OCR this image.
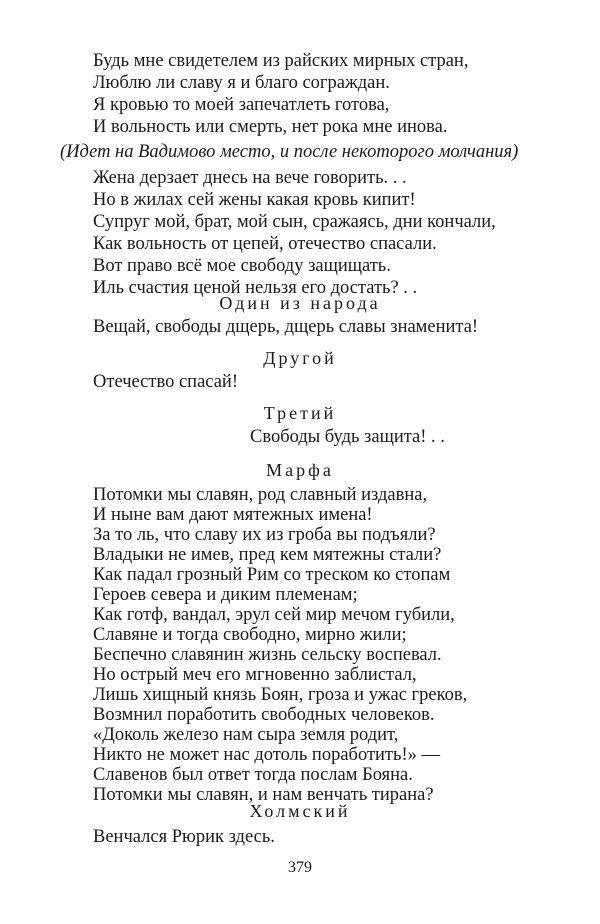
Будь мне свидетелем из райских мирных стран,
Люблю ли славу я и благо сограждан.
Я кровью то моей запечатлеть готова,
И вольность или смерть, нет рока мне инова.
(Идет на Вадимово место, и после некоторого молчания)
Жена дерзает днесь на вече говорить. . .
Но в жилах сей жены какая кровь кипит!
Супруг мой, брат, мой сын, сражаясь, дни кончали,
Как вольность от цепей, отечество спасали.
Вот право всё мое свободу защищать.
Иль счастия ценой нельзя его достать? . .
Один из народа
Вещай, свободы дщерь, дщерь славы знаменита!
Другой
Отечество спасай!
Третий
Свободы будь защита! . .
Марфа
Потомки мы славян, род славный издавна,
И ныне вам дают мятежных имена!
За то ль, что славу их из гроба вы подъяли?
Владыки не имев, пред кем мятежны стали?
Как падал грозный Рим со треском ко стопам
Героев севера и диким племенам;
Как готф, вандал, эрул сей мир мечом губили,
Славяне и тогда свободно, мирно жили;
Беспечно славянин жизнь сельску воспевал.
Но острый меч его мгновенно заблистал,
Лишь хищный князь Боян, гроза и ужас греков,
Возмнил поработить свободных человеков.
«Доколь железо нам сыра земля родит,
Никто не может нас дотоль поработить!» —
Славенов был ответ тогда послам Бояна.
Потомки мы славян, и нам венчать тирана?
Холмский
Венчался Рюрик здесь.
379
